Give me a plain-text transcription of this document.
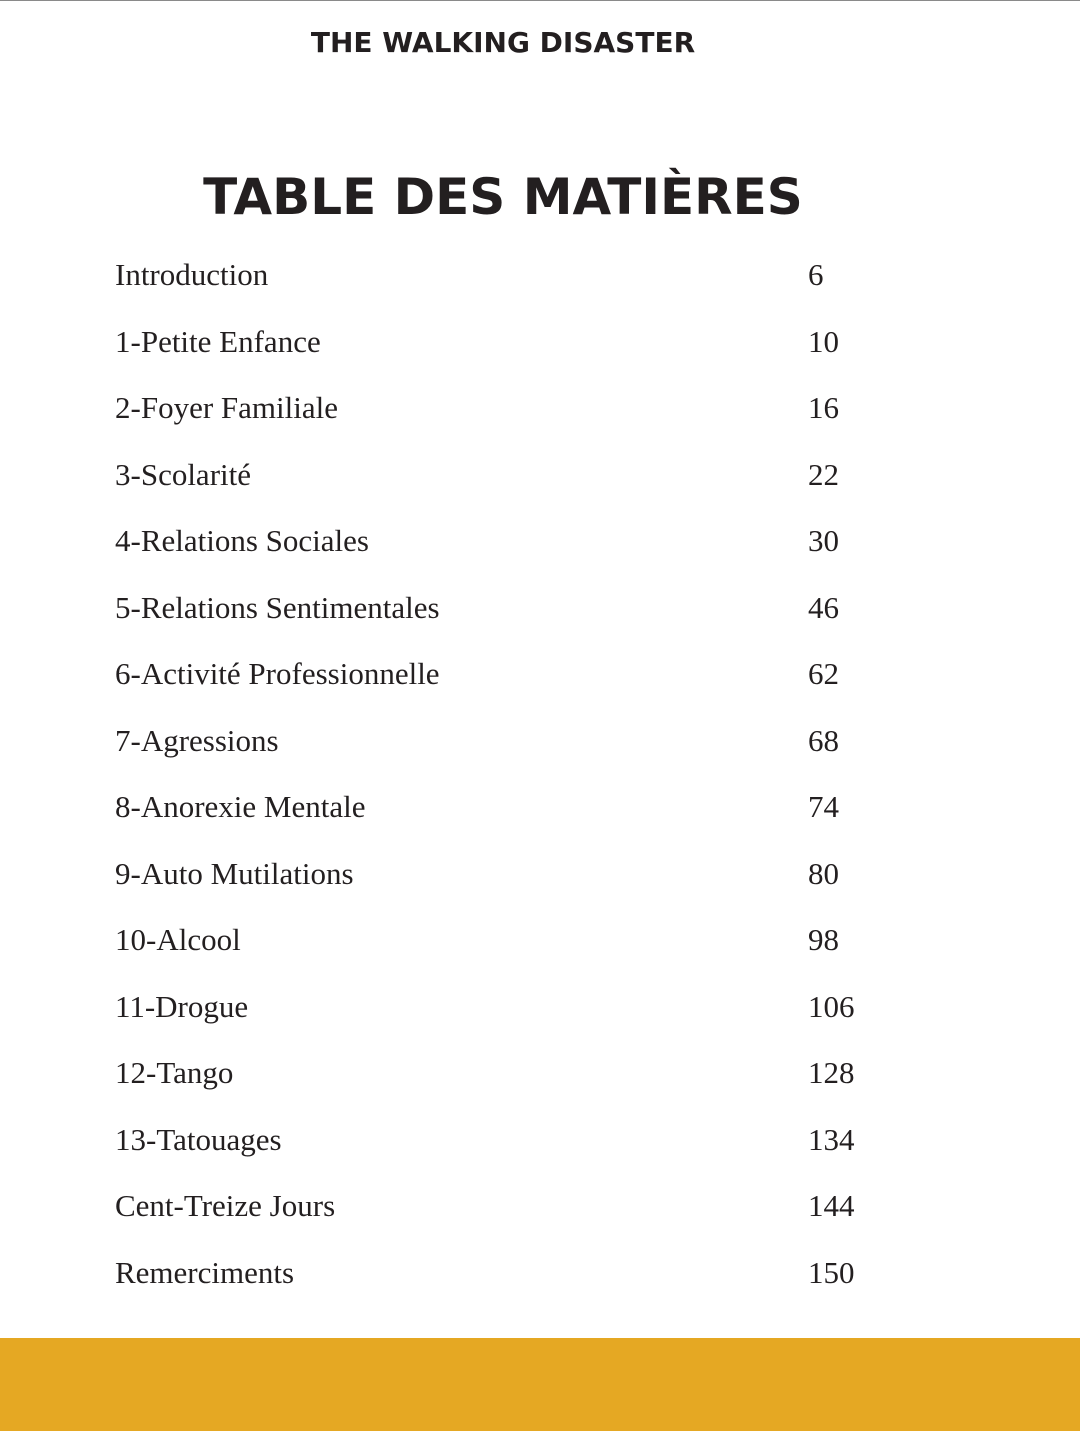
THE WALKING DISASTER
TABLE DES MATIÈRES
Introduction	6
1-Petite Enfance	10
2-Foyer Familiale	16
3-Scolarité	22
4-Relations Sociales	30
5-Relations Sentimentales	46
6-Activité Professionnelle	62
7-Agressions	68
8-Anorexie Mentale	74
9-Auto Mutilations	80
10-Alcool	98
11-Drogue	106
12-Tango	128
13-Tatouages	134
Cent-Treize Jours	144
Remerciments	150
